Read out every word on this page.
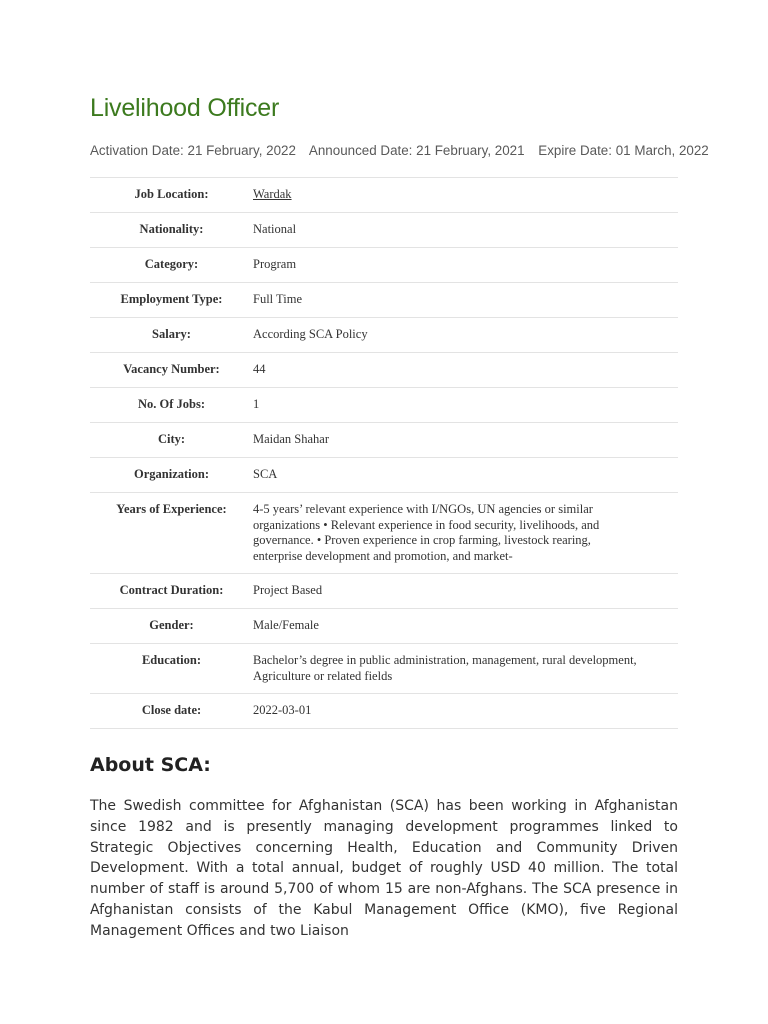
Livelihood Officer
Activation Date: 21 February, 2022 Announced Date: 21 February, 2021 Expire Date: 01 March, 2022
Job Location:	Wardak
Nationality:	National
Category:	Program
Employment Type:	Full Time
Salary:	According SCA Policy
Vacancy Number:	44
No. Of Jobs:	1
City:	Maidan Shahar
Organization:	SCA
Years of Experience:	4-5 years’ relevant experience with I/NGOs, UN agencies or similar organizations • Relevant experience in food security, livelihoods, and governance. • Proven experience in crop farming, livestock rearing, enterprise development and promotion, and market-
Contract Duration:	Project Based
Gender:	Male/Female
Education:	Bachelor’s degree in public administration, management, rural development, Agriculture or related fields
Close date:	2022-03-01
About SCA:

The Swedish committee for Afghanistan (SCA) has been working in Afghanistan since 1982 and is presently managing development programmes linked to Strategic Objectives concerning Health, Education and Community Driven Development. With a total annual, budget of roughly USD 40 million. The total number of staff is around 5,700 of whom 15 are non-Afghans. The SCA presence in Afghanistan consists of the Kabul Management Office (KMO), five Regional Management Offices and two Liaison
